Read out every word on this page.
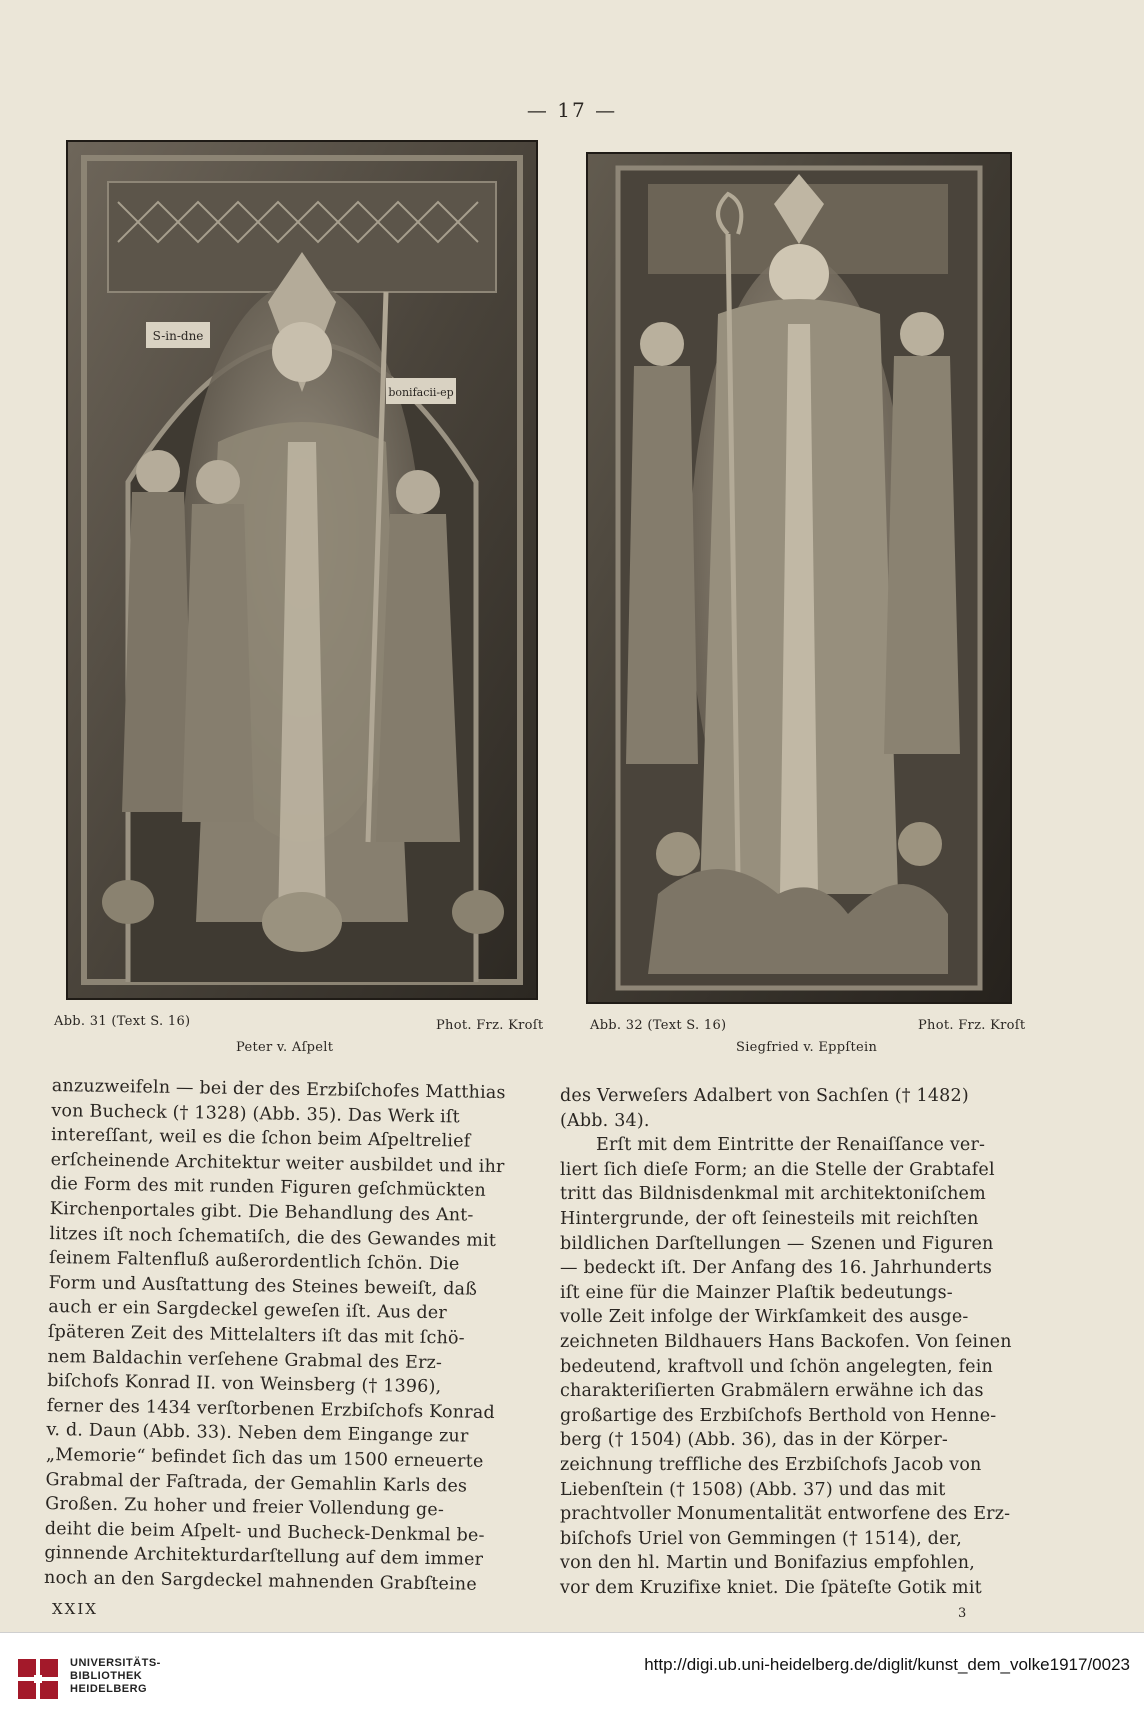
— 17 —
S-in-dne
bonifacii-ep
Abb. 31 (Text S. 16)	Phot. Frz. Kroſt
Peter v. Aſpelt
Abb. 32 (Text S. 16)	Phot. Frz. Kroſt
Siegfried v. Eppſtein
anzuzweifeln — bei der des Erzbiſchofes Matthias
von Bucheck († 1328) (Abb. 35). Das Werk iſt
intereſſant, weil es die ſchon beim Aſpeltrelief
erſcheinende Architektur weiter ausbildet und ihr
die Form des mit runden Figuren geſchmückten
Kirchenportales gibt. Die Behandlung des Ant-
litzes iſt noch ſchematiſch, die des Gewandes mit
ſeinem Faltenfluß außerordentlich ſchön. Die
Form und Ausſtattung des Steines beweiſt, daß
auch er ein Sargdeckel geweſen iſt. Aus der
ſpäteren Zeit des Mittelalters iſt das mit ſchö-
nem Baldachin verſehene Grabmal des Erz-
biſchofs Konrad II. von Weinsberg († 1396),
ferner des 1434 verſtorbenen Erzbiſchofs Konrad
v. d. Daun (Abb. 33). Neben dem Eingange zur
„Memorie“ befindet ſich das um 1500 erneuerte
Grabmal der Faſtrada, der Gemahlin Karls des
Großen. Zu hoher und freier Vollendung ge-
deiht die beim Aſpelt- und Bucheck-Denkmal be-
ginnende Architekturdarſtellung auf dem immer
noch an den Sargdeckel mahnenden Grabſteine
des Verweſers Adalbert von Sachſen († 1482)
(Abb. 34).
Erſt mit dem Eintritte der Renaiſſance ver-
liert ſich dieſe Form; an die Stelle der Grabtafel
tritt das Bildnisdenkmal mit architektoniſchem
Hintergrunde, der oft ſeinesteils mit reichſten
bildlichen Darſtellungen — Szenen und Figuren
— bedeckt iſt. Der Anfang des 16. Jahrhunderts
iſt eine für die Mainzer Plaſtik bedeutungs-
volle Zeit infolge der Wirkſamkeit des ausge-
zeichneten Bildhauers Hans Backofen. Von ſeinen
bedeutend, kraftvoll und ſchön angelegten, fein
charakteriſierten Grabmälern erwähne ich das
großartige des Erzbiſchofs Berthold von Henne-
berg († 1504) (Abb. 36), das in der Körper-
zeichnung treffliche des Erzbiſchofs Jacob von
Liebenſtein († 1508) (Abb. 37) und das mit
prachtvoller Monumentalität entworfene des Erz-
biſchofs Uriel von Gemmingen († 1514), der,
von den hl. Martin und Bonifazius empfohlen,
vor dem Kruzifixe kniet. Die ſpäteſte Gotik mit
UNIVERSITÄTS-
BIBLIOTHEK
HEIDELBERG
http://digi.ub.uni-heidelberg.de/diglit/kunst_dem_volke1917/0023
XXIX	3
